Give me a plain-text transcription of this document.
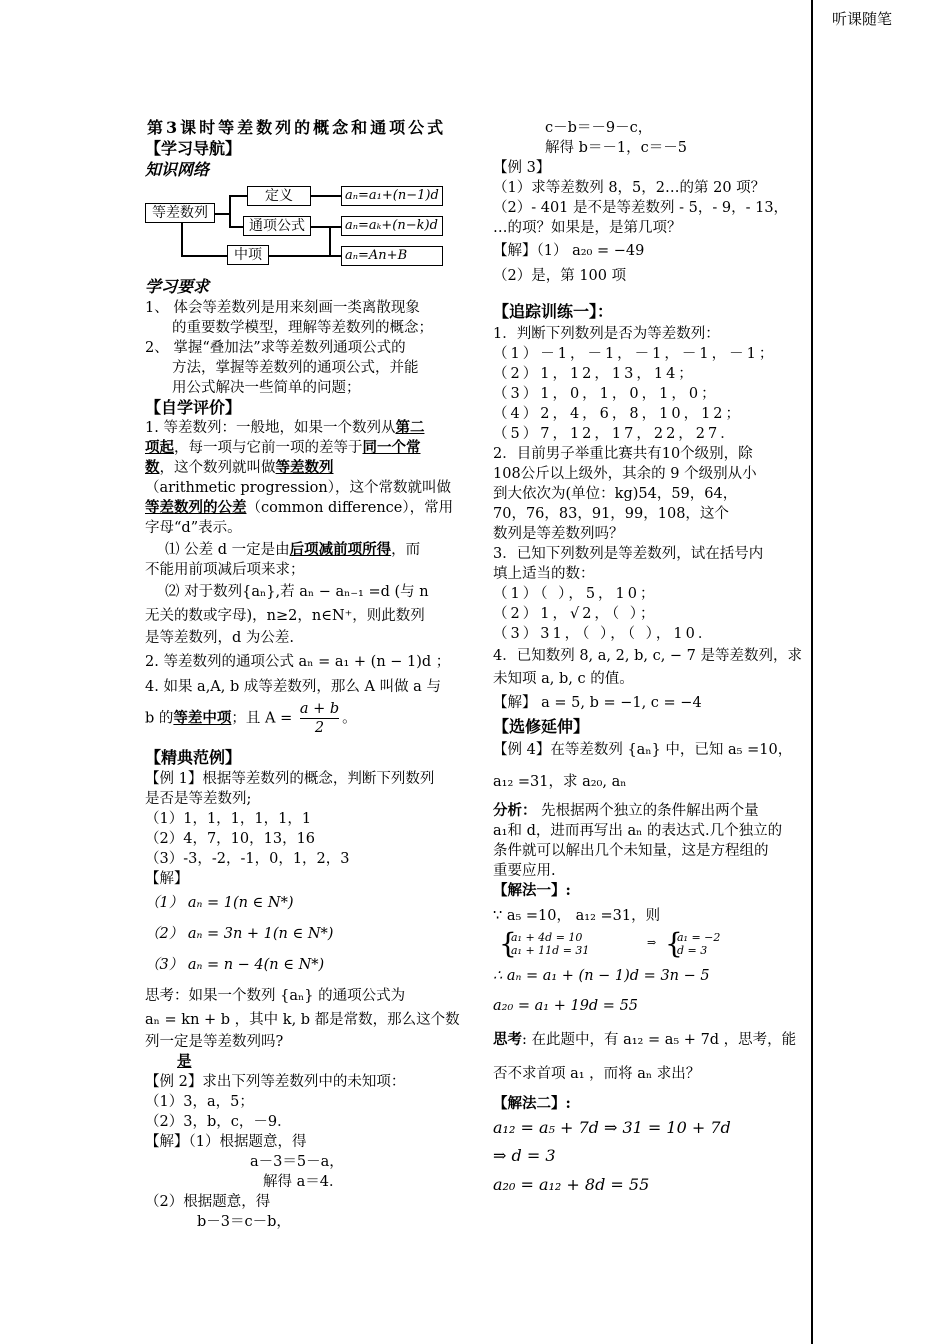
听课随笔
第3课时等差数列的概念和通项公式
【学习导航】
知识网络
等差数列
定义
通项公式
中项
aₙ=a₁+(n−1)d
aₙ=aₖ+(n−k)d
aₙ=An+B
学习要求
1、 体会等差数列是用来刻画一类离散现象
的重要数学模型，理解等差数列的概念；
2、 掌握“叠加法”求等差数列通项公式的
方法，掌握等差数列的通项公式，并能
用公式解决一些简单的问题；
【自学评价】
1. 等差数列：一般地，如果一个数列从第二
项起，每一项与它前一项的差等于同一个常
数，这个数列就叫做等差数列
（arithmetic progression），这个常数就叫做
等差数列的公差（common difference），常用
字母“d”表示。
⑴ 公差 d 一定是由后项减前项所得，而
不能用前项减后项来求；
⑵ 对于数列{aₙ},若 aₙ − aₙ₋₁ =d (与 n
无关的数或字母)，n≥2，n∈N⁺，则此数列
是等差数列，d 为公差.
2. 等差数列的通项公式 aₙ = a₁ + (n − 1)d ；
4. 如果 a,A, b 成等差数列，那么 A 叫做 a 与
b 的等差中项；且 $A = \frac{a + b}{2}$ 。
【精典范例】
【例 1】根据等差数列的概念，判断下列数列
是否是等差数列;
（1）1，1，1，1，1，1
（2）4，7，10，13，16
（3）-3，-2，-1，0，1，2，3
【解】
（1） aₙ = 1(n ∈ N*)
（2） aₙ = 3n + 1(n ∈ N*)
（3） aₙ = n − 4(n ∈ N*)
思考：如果一个数列 {aₙ} 的通项公式为
aₙ = kn + b ，其中 k, b 都是常数，那么这个数
列一定是等差数列吗?
是
【例 2】求出下列等差数列中的未知项：
（1）3，a，5；
（2）3，b，c，－9．
【解】（1）根据题意，得
a－3＝5－a，
解得 a＝4．
（2）根据题意，得
b－3＝c－b，
c－b＝－9－c，
解得 b＝－1，c＝－5
【例 3】
（1）求等差数列 8，5，2…的第 20 项？
（2）- 401 是不是等差数列 - 5，- 9，- 13，
…的项？如果是，是第几项？
【解】（1） a₂₀ = −49
（2）是，第 100 项
【追踪训练一】：
1．判断下列数列是否为等差数列：
（1）－1，－1，－1，－1，－1；
（2）1，12，13，14；
（3）1，0，1，0，1，0；
（4）2，4，6，8，10，12；
（5）7，12，17，22，27．
2．目前男子举重比赛共有10个级别，除
108公斤以上级外，其余的 9 个级别从小
到大依次为(单位：kg)54，59，64，
70，76，83，91，99，108，这个
数列是等差数列吗？
3．已知下列数列是等差数列，试在括号内
填上适当的数：
（1）（ ），5，10；
（2）1，√2，（ ）；
（3）31，（ ），（ ），10．
4．已知数列 8, a, 2, b, c, − 7 是等差数列，求
未知项 a, b, c 的值。
【解】 a = 5, b = −1, c = −4
【选修延伸】
【例 4】在等差数列 {aₙ} 中，已知 a₅ =10，
a₁₂ =31，求 a₂₀, aₙ
分析： 先根据两个独立的条件解出两个量
a₁和 d，进而再写出 aₙ 的表达式.几个独立的
条件就可以解出几个未知量，这是方程组的
重要应用.
【解法一】:
∵ a₅ =10， a₁₂ =31，则
{
a₁ + 4d = 10
a₁ + 11d = 31
⇒ {
a₁ = −2
d = 3
∴ aₙ = a₁ + (n − 1)d = 3n − 5
a₂₀ = a₁ + 19d = 55
思考: 在此题中，有 a₁₂ = a₅ + 7d ，思考，能
否不求首项 a₁ ，而将 aₙ 求出？
【解法二】:
a₁₂ = a₅ + 7d ⇒ 31 = 10 + 7d
⇒ d = 3
a₂₀ = a₁₂ + 8d = 55
